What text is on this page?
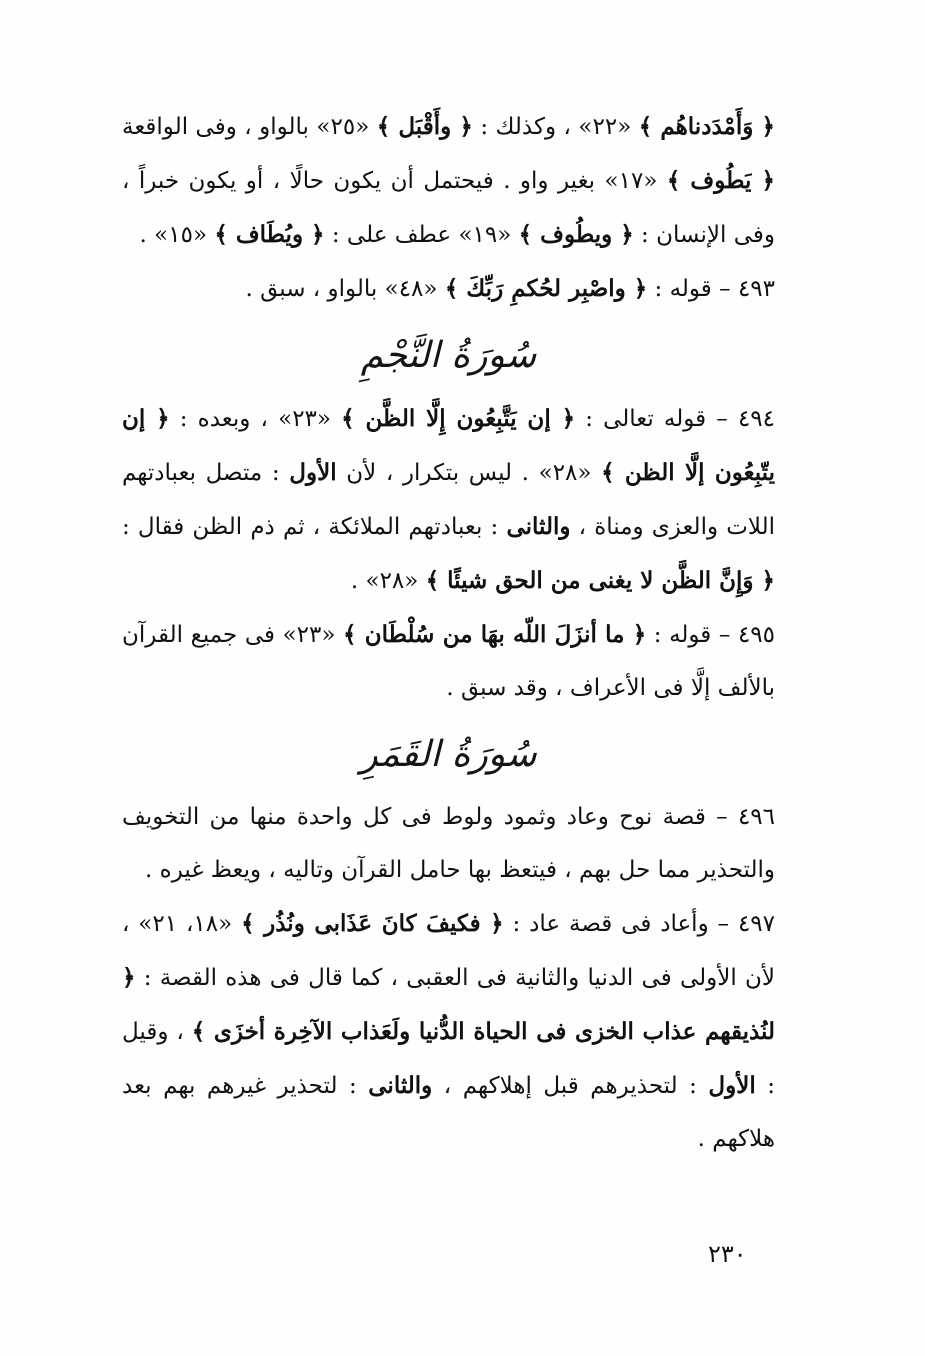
﴿ وَأَمْدَدناهُم ﴾ «٢٢» ، وكذلك : ﴿ وأَقْبَل ﴾ «٢٥» بالواو ، وفى الواقعة ﴿ يَطُوف ﴾ «١٧» بغير واو . فيحتمل أن يكون حالًا ، أو يكون خبراً ، وفى الإنسان : ﴿ ويطُوف ﴾ «١٩» عطف على : ﴿ ويُطَاف ﴾ «١٥» .

٤٩٣ – قوله : ﴿ واصْبِر لحُكمِ رَبِّكَ ﴾ «٤٨» بالواو ، سبق .

سُورَةُ النَّجْمِ

٤٩٤ – قوله تعالى : ﴿ إن يَتَّبِعُون إِلَّا الظَّن ﴾ «٢٣» ، وبعده : ﴿ إن يتّبِعُون إلَّا الظن ﴾ «٢٨» . ليس بتكرار ، لأن الأول : متصل بعبادتهم اللات والعزى ومناة ، والثانى : بعبادتهم الملائكة ، ثم ذم الظن فقال : ﴿ وَإِنَّ الظَّن لا يغنى من الحق شيئًا ﴾ «٢٨» .

٤٩٥ – قوله : ﴿ ما أنزَلَ اللّه بهَا من سُلْطَان ﴾ «٢٣» فى جميع القرآن بالألف إلَّا فى الأعراف ، وقد سبق .

سُورَةُ القَمَرِ

٤٩٦ – قصة نوح وعاد وثمود ولوط فى كل واحدة منها من التخويف والتحذير مما حل بهم ، فيتعظ بها حامل القرآن وتاليه ، ويعظ غيره .

٤٩٧ – وأعاد فى قصة عاد : ﴿ فكيفَ كانَ عَذَابى ونُذُر ﴾ «١٨، ٢١» ، لأن الأولى فى الدنيا والثانية فى العقبى ، كما قال فى هذه القصة : ﴿ لنُذيقهم عذاب الخزى فى الحياة الدُّنيا ولَعَذاب الآخِرة أخزَى ﴾ ، وقيل : الأول : لتحذيرهم قبل إهلاكهم ، والثانى : لتحذير غيرهم بهم بعد هلاكهم .

٢٣٠
